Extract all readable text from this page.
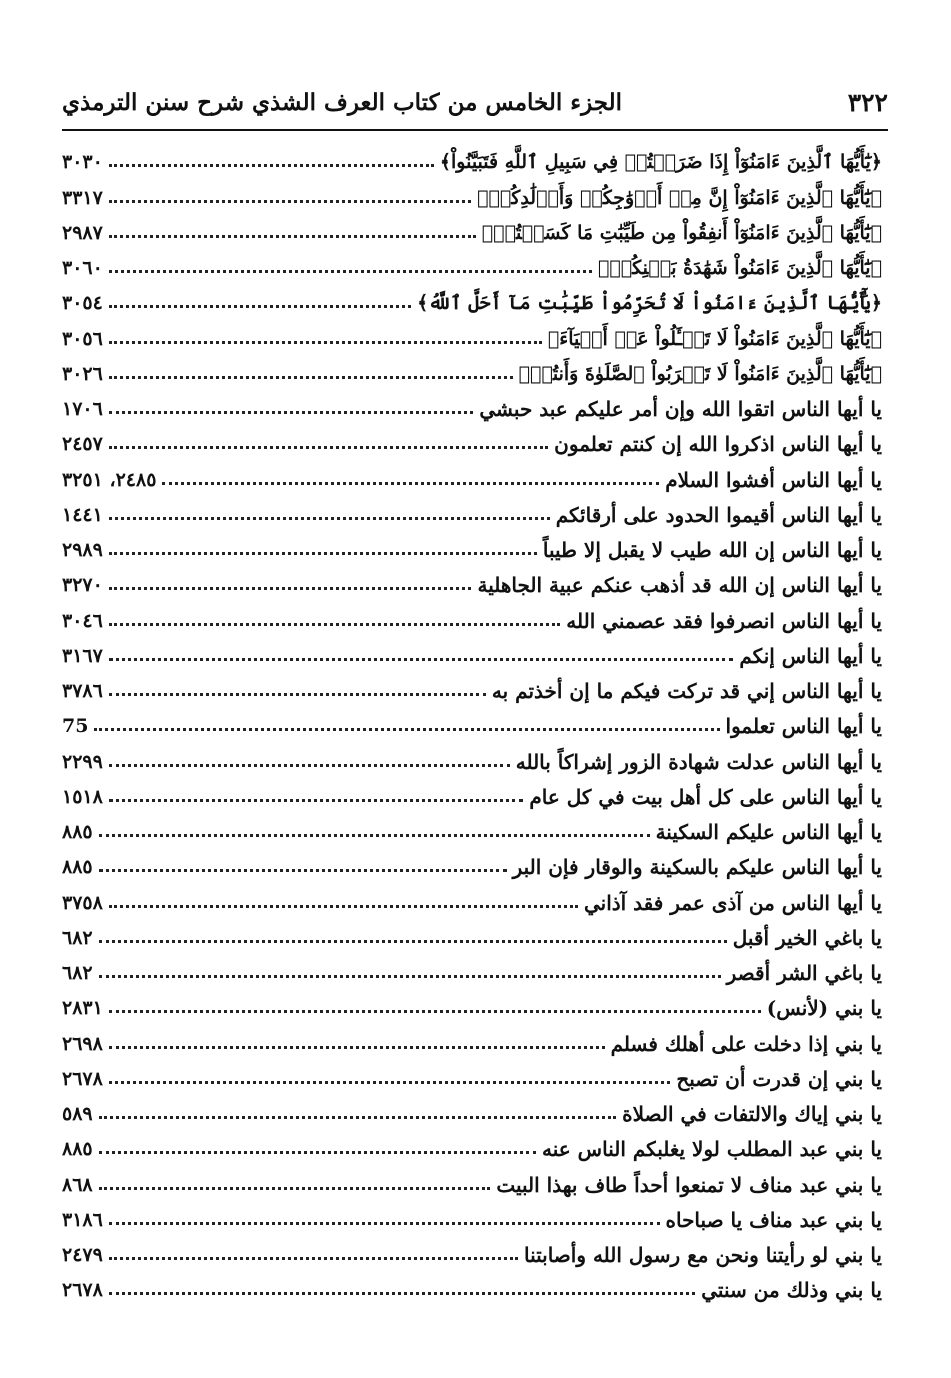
٣٢٢
الجزء الخامس من كتاب العرف الشذي شرح سنن الترمذي
﴿يَٰٓأَيُّهَا ٱلَّذِينَ ءَامَنُوٓاْ إِذَا ضَرَبۡتُمۡ فِي سَبِيلِ ٱللَّهِ فَتَبَيَّنُواْ﴾
٣٠٣٠
﴿يَٰٓأَيُّهَا ٱلَّذِينَ ءَامَنُوٓاْ إِنَّ مِنۡ أَزۡوَٰجِكُمۡ وَأَوۡلَٰدِكُمۡ﴾
٣٣١٧
﴿يَٰٓأَيُّهَا ٱلَّذِينَ ءَامَنُوٓاْ أَنفِقُواْ مِن طَيِّبَٰتِ مَا كَسَبۡتُمۡ﴾
٢٩٨٧
﴿يَٰٓأَيُّهَا ٱلَّذِينَ ءَامَنُواْ شَهَٰدَةُ بَيۡنِكُمۡ﴾
٣٠٦٠
﴿يَٰٓأَيُّهَا ٱلَّذِينَ ءَامَنُواْ لَا تُحَرِّمُواْ طَيِّبَٰتِ مَآ أَحَلَّ ٱللَّهُ﴾
٣٠٥٤
﴿يَٰٓأَيُّهَا ٱلَّذِينَ ءَامَنُواْ لَا تَسۡـَٔلُواْ عَنۡ أَشۡيَآءَ﴾
٣٠٥٦
﴿يَٰٓأَيُّهَا ٱلَّذِينَ ءَامَنُواْ لَا تَقۡرَبُواْ ٱلصَّلَوٰةَ وَأَنتُمۡ﴾
٣٠٢٦
يا أيها الناس اتقوا الله وإن أمر عليكم عبد حبشي
١٧٠٦
يا أيها الناس اذكروا الله إن كنتم تعلمون
٢٤٥٧
يا أيها الناس أفشوا السلام
٢٤٨٥، ٣٢٥١
يا أيها الناس أقيموا الحدود على أرقائكم
١٤٤١
يا أيها الناس إن الله طيب لا يقبل إلا طيباً
٢٩٨٩
يا أيها الناس إن الله قد أذهب عنكم عبية الجاهلية
٣٢٧٠
يا أيها الناس انصرفوا فقد عصمني الله
٣٠٤٦
يا أيها الناس إنكم
٣١٦٧
يا أيها الناس إني قد تركت فيكم ما إن أخذتم به
٣٧٨٦
يا أيها الناس تعلموا
75
يا أيها الناس عدلت شهادة الزور إشراكاً بالله
٢٢٩٩
يا أيها الناس على كل أهل بيت في كل عام
١٥١٨
يا أيها الناس عليكم السكينة
٨٨٥
يا أيها الناس عليكم بالسكينة والوقار فإن البر
٨٨٥
يا أيها الناس من آذى عمر فقد آذاني
٣٧٥٨
يا باغي الخير أقبل
٦٨٢
يا باغي الشر أقصر
٦٨٢
يا بني (لأنس)
٢٨٣١
يا بني إذا دخلت على أهلك فسلم
٢٦٩٨
يا بني إن قدرت أن تصبح
٢٦٧٨
يا بني إياك والالتفات في الصلاة
٥٨٩
يا بني عبد المطلب لولا يغلبكم الناس عنه
٨٨٥
يا بني عبد مناف لا تمنعوا أحداً طاف بهذا البيت
٨٦٨
يا بني عبد مناف يا صباحاه
٣١٨٦
يا بني لو رأيتنا ونحن مع رسول الله وأصابتنا
٢٤٧٩
يا بني وذلك من سنتي
٢٦٧٨
